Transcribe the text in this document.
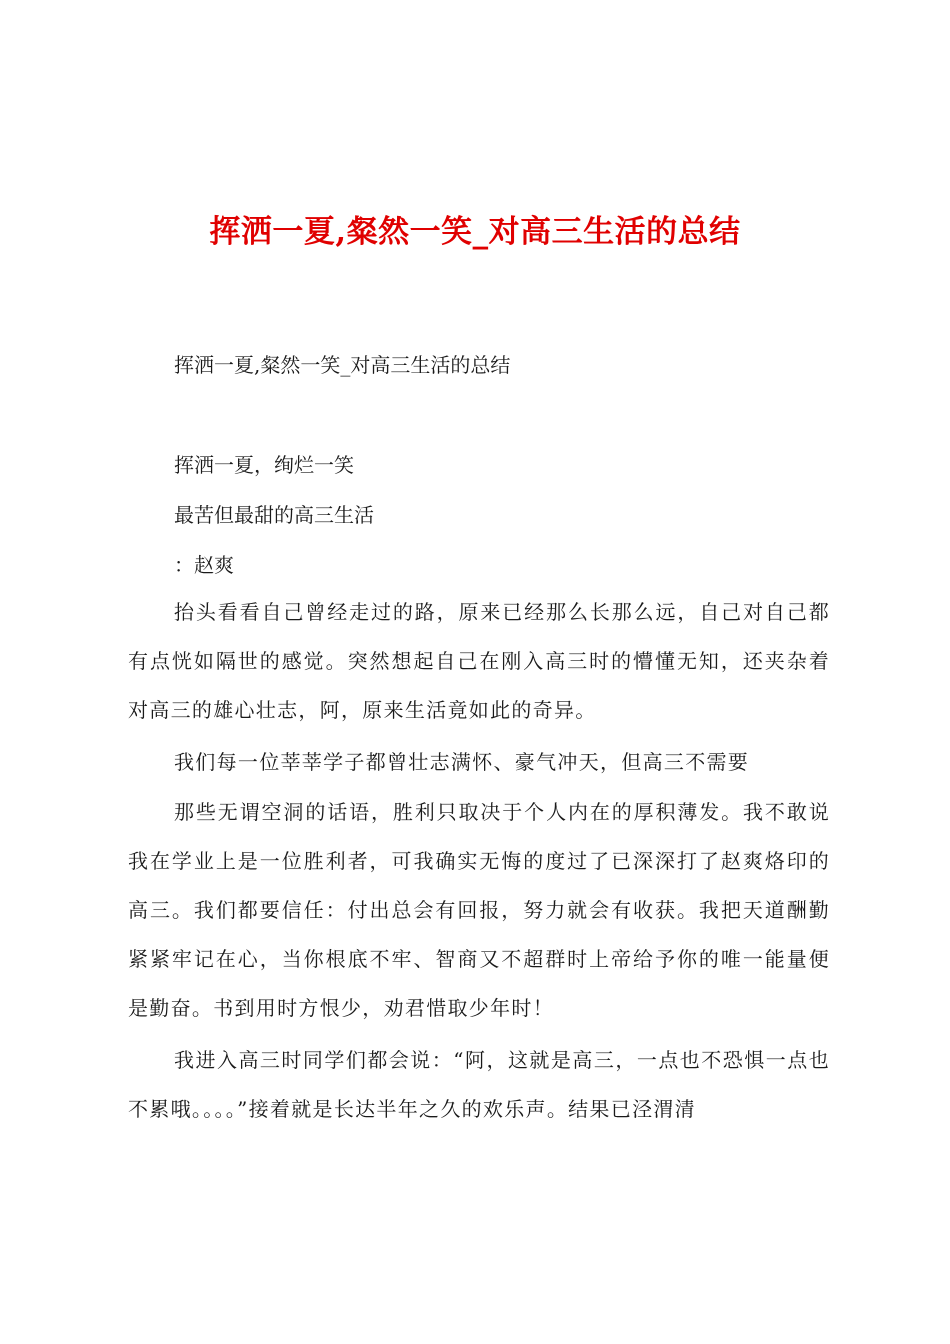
挥洒一夏,粲然一笑_对高三生活的总结

挥洒一夏,粲然一笑_对高三生活的总结

挥洒一夏，绚烂一笑

最苦但最甜的高三生活

：赵爽

抬头看看自己曾经走过的路，原来已经那么长那么远，自己对自己都有点恍如隔世的感觉。突然想起自己在刚入高三时的懵懂无知，还夹杂着对高三的雄心壮志，阿，原来生活竟如此的奇异。

我们每一位莘莘学子都曾壮志满怀、豪气冲天，但高三不需要

那些无谓空洞的话语，胜利只取决于个人内在的厚积薄发。我不敢说我在学业上是一位胜利者，可我确实无悔的度过了已深深打了赵爽烙印的高三。我们都要信任：付出总会有回报，努力就会有收获。我把天道酬勤紧紧牢记在心，当你根底不牢、智商又不超群时上帝给予你的唯一能量便是勤奋。书到用时方恨少，劝君惜取少年时！

我进入高三时同学们都会说：“阿，这就是高三，一点也不恐惧一点也不累哦。。。。”接着就是长达半年之久的欢乐声。结果已泾渭清
